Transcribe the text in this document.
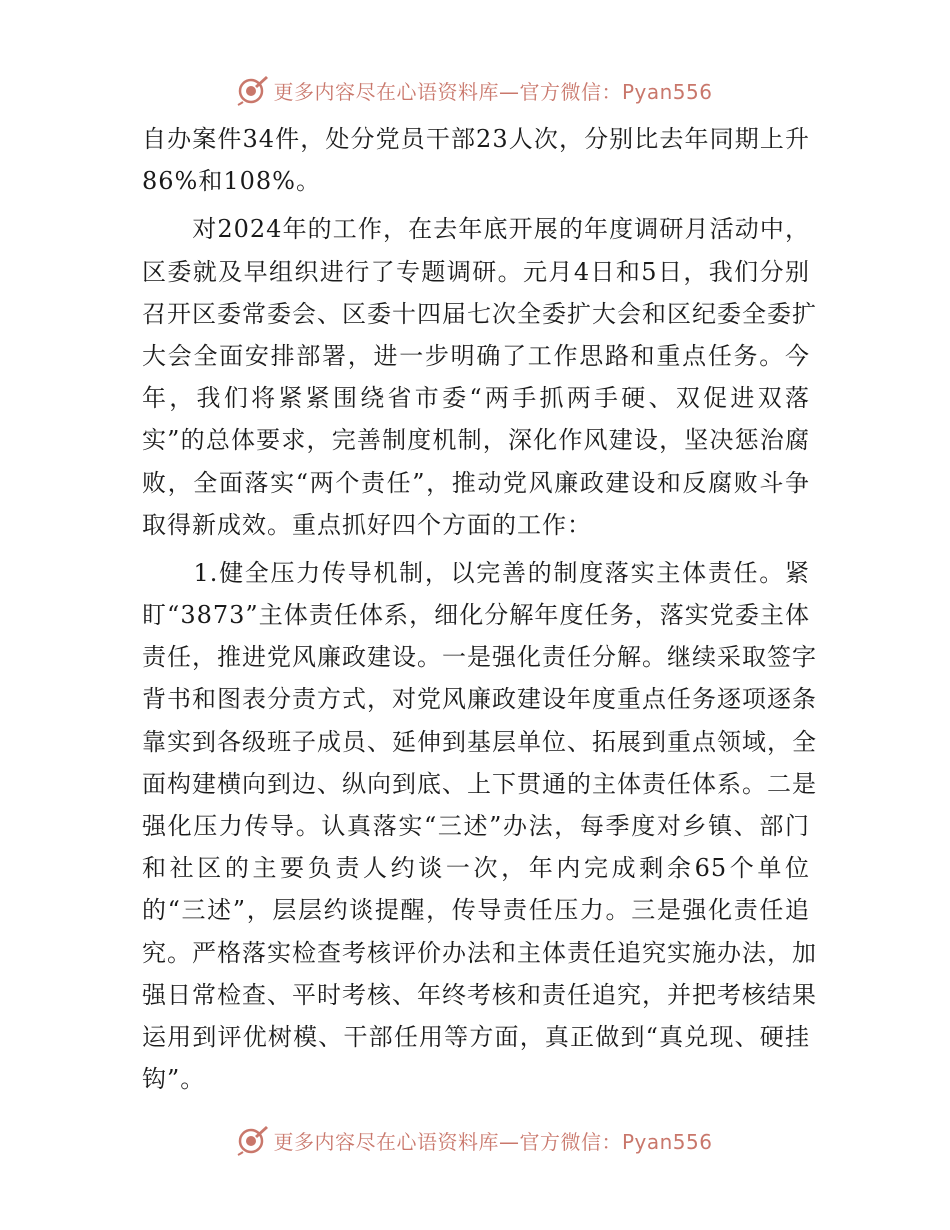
更多内容尽在心语资料库—官方微信：Pyan556
自办案件34件，处分党员干部23人次，分别比去年同期上升
86%和108%。
　　对2024年的工作，在去年底开展的年度调研月活动中，
区委就及早组织进行了专题调研。元月4日和5日，我们分别
召开区委常委会、区委十四届七次全委扩大会和区纪委全委扩
大会全面安排部署，进一步明确了工作思路和重点任务。今
年，我们将紧紧围绕省市委“两手抓两手硬、双促进双落
实”的总体要求，完善制度机制，深化作风建设，坚决惩治腐
败，全面落实“两个责任”，推动党风廉政建设和反腐败斗争
取得新成效。重点抓好四个方面的工作：
　　1.健全压力传导机制，以完善的制度落实主体责任。紧
盯“3873”主体责任体系，细化分解年度任务，落实党委主体
责任，推进党风廉政建设。一是强化责任分解。继续采取签字
背书和图表分责方式，对党风廉政建设年度重点任务逐项逐条
靠实到各级班子成员、延伸到基层单位、拓展到重点领域，全
面构建横向到边、纵向到底、上下贯通的主体责任体系。二是
强化压力传导。认真落实“三述”办法，每季度对乡镇、部门
和社区的主要负责人约谈一次，年内完成剩余65个单位
的“三述”，层层约谈提醒，传导责任压力。三是强化责任追
究。严格落实检查考核评价办法和主体责任追究实施办法，加
强日常检查、平时考核、年终考核和责任追究，并把考核结果
运用到评优树模、干部任用等方面，真正做到“真兑现、硬挂
钩”。
更多内容尽在心语资料库—官方微信：Pyan556
